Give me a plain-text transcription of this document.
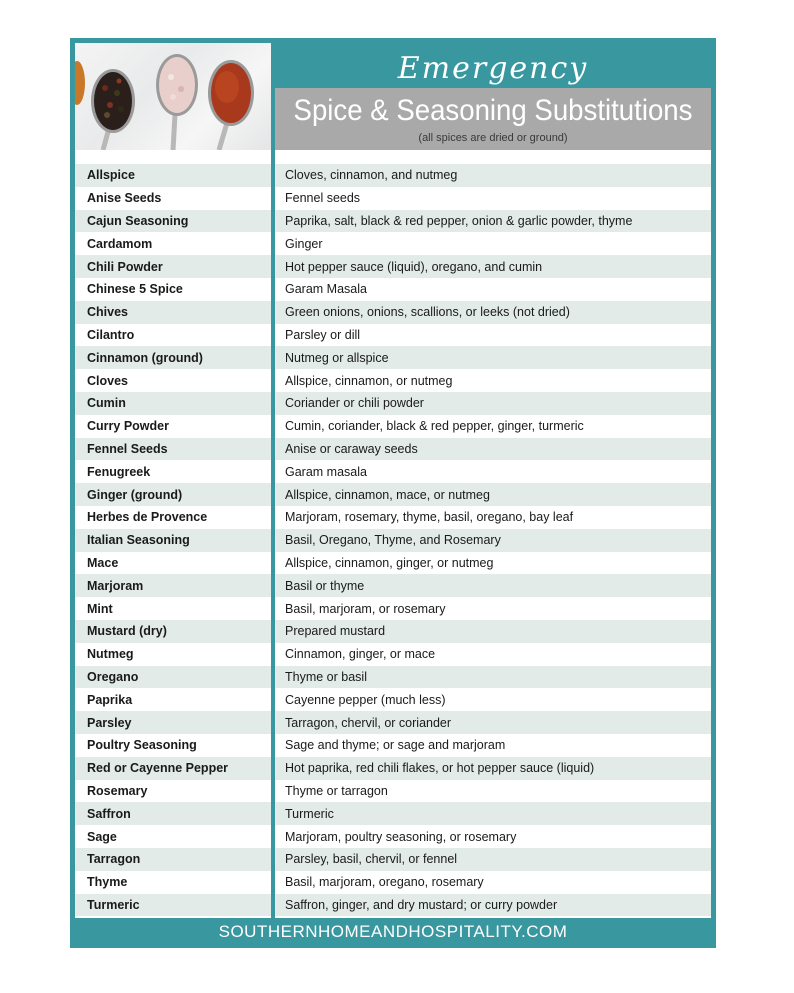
Emergency
Spice & Seasoning Substitutions
(all spices are dried or ground)
Allspice	Cloves, cinnamon, and nutmeg
Anise Seeds	Fennel seeds
Cajun Seasoning	Paprika, salt, black & red pepper, onion & garlic powder, thyme
Cardamom	Ginger
Chili Powder	Hot pepper sauce (liquid), oregano, and cumin
Chinese 5 Spice	Garam Masala
Chives	Green onions, onions, scallions, or leeks (not dried)
Cilantro	Parsley or dill
Cinnamon (ground)	Nutmeg or allspice
Cloves	Allspice, cinnamon, or nutmeg
Cumin	Coriander or chili powder
Curry Powder	Cumin, coriander, black & red pepper, ginger, turmeric
Fennel Seeds	Anise or caraway seeds
Fenugreek	Garam masala
Ginger (ground)	Allspice, cinnamon, mace, or nutmeg
Herbes de Provence	Marjoram, rosemary, thyme, basil, oregano, bay leaf
Italian Seasoning	Basil, Oregano, Thyme, and Rosemary
Mace	Allspice, cinnamon, ginger, or nutmeg
Marjoram	Basil or thyme
Mint	Basil, marjoram, or rosemary
Mustard (dry)	Prepared mustard
Nutmeg	Cinnamon, ginger, or mace
Oregano	Thyme or basil
Paprika	Cayenne pepper (much less)
Parsley	Tarragon, chervil, or coriander
Poultry Seasoning	Sage and thyme; or sage and marjoram
Red or Cayenne Pepper	Hot paprika, red chili flakes, or hot pepper sauce (liquid)
Rosemary	Thyme or tarragon
Saffron	Turmeric
Sage	Marjoram, poultry seasoning, or rosemary
Tarragon	Parsley, basil, chervil, or fennel
Thyme	Basil, marjoram, oregano, rosemary
Turmeric	Saffron, ginger, and dry mustard; or curry powder
SOUTHERNHOMEANDHOSPITALITY.COM
